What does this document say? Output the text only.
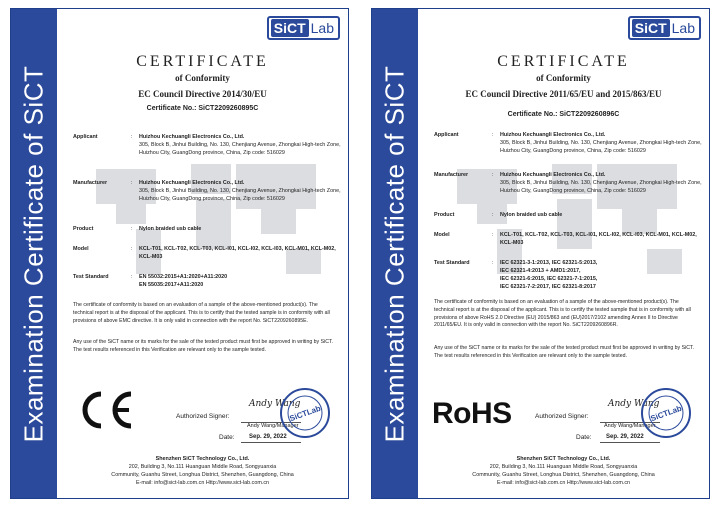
Examination Certificate of SiCT
SiCT Lab
CERTIFICATE
of Conformity
EC Council Directive 2014/30/EU
Certificate No.: SiCT2209260895C
Applicant	: Huizhou Kechuangli Electronics Co., Ltd.
305, Block B, Jinhui Building, No. 130, Chenjiang Avenue, Zhongkai High-tech Zone, Huizhou City, GuangDong province, China, Zip code: 516029
Manufacturer	: Huizhou Kechuangli Electronics Co., Ltd.
305, Block B, Jinhui Building, No. 130, Chenjiang Avenue, Zhongkai High-tech Zone, Huizhou City, GuangDong province, China, Zip code: 516029
Product	: Nylon braided usb cable
Model	: KCL-T01, KCL-T02, KCL-T03, KCL-I01, KCL-I02, KCL-I03, KCL-M01, KCL-M02, KCL-M03
Test Standard	: EN 55032:2015+A1:2020+A11:2020
EN 55035:2017+A11:2020
The certificate of conformity is based on an evaluation of a sample of the above-mentioned product(s). The technical report is at the disposal of the applicant. This is to certify that the tested sample is in conformity with all provisions of above EMC directive. It is only valid in connection with the report No. SiCT2209260895E.
Any use of the SiCT name or its marks for the sale of the tested product must first be approved in writing by SiCT. The test results referenced in this Verification are relevant only to the sample tested.
Authorized Signer:
Andy Wang
Andy Wang/Manager
Date: Sep. 29, 2022
SiCTLab
Shenzhen SiCT Technology Co., Ltd.
202, Building 3, No.111 Huanguan Middle Road, Songyuanxia
Community, Guanhu Street, Longhua District, Shenzhen, Guangdong, China
E-mail: info@sict-lab.com.cn Http://www.sict-lab.com.cn
Examination Certificate of SiCT
SiCT Lab
CERTIFICATE
of Conformity
EC Council Directive 2011/65/EU and 2015/863/EU
Certificate No.: SiCT2209260896C
Applicant	: Huizhou Kechuangli Electronics Co., Ltd.
305, Block B, Jinhui Building, No. 130, Chenjiang Avenue, Zhongkai High-tech Zone, Huizhou City, GuangDong province, China, Zip code: 516029
Manufacturer	: Huizhou Kechuangli Electronics Co., Ltd.
305, Block B, Jinhui Building, No. 130, Chenjiang Avenue, Zhongkai High-tech Zone, Huizhou City, GuangDong province, China, Zip code: 516029
Product	: Nylon braided usb cable
Model	: KCL-T01, KCL-T02, KCL-T03, KCL-I01, KCL-I02, KCL-I03, KCL-M01, KCL-M02, KCL-M03
Test Standard	: IEC 62321-3-1:2013, IEC 62321-5:2013,
IEC 62321-4:2013 + AMD1:2017,
IEC 62321-6:2015, IEC 62321-7-1:2015,
IEC 62321-7-2:2017, IEC 62321-8:2017
The certificate of conformity is based on an evaluation of a sample of the above-mentioned product(s). The technical report is at the disposal of the applicant. This is to certify the tested sample that is in conformity with all provisions of above RoHS 2.0 Directive (EU) 2015/863 and (EU)2017/2102 amending Annex II to Directive 2011/65/EU. It is only valid in connection with the report No. SiCT2209260896R.
Any use of the SiCT name or its marks for the sale of the tested product must first be approved in writing by SiCT. The test results referenced in this Verification are relevant only to the sample tested.
RoHS	Authorized Signer:
Andy Wang
Andy Wang/Manager
Date: Sep. 29, 2022
SiCTLab
Shenzhen SiCT Technology Co., Ltd.
202, Building 3, No.111 Huanguan Middle Road, Songyuanxia
Community, Guanhu Street, Longhua District, Shenzhen, Guangdong, China
E-mail: info@sict-lab.com.cn Http://www.sict-lab.com.cn
